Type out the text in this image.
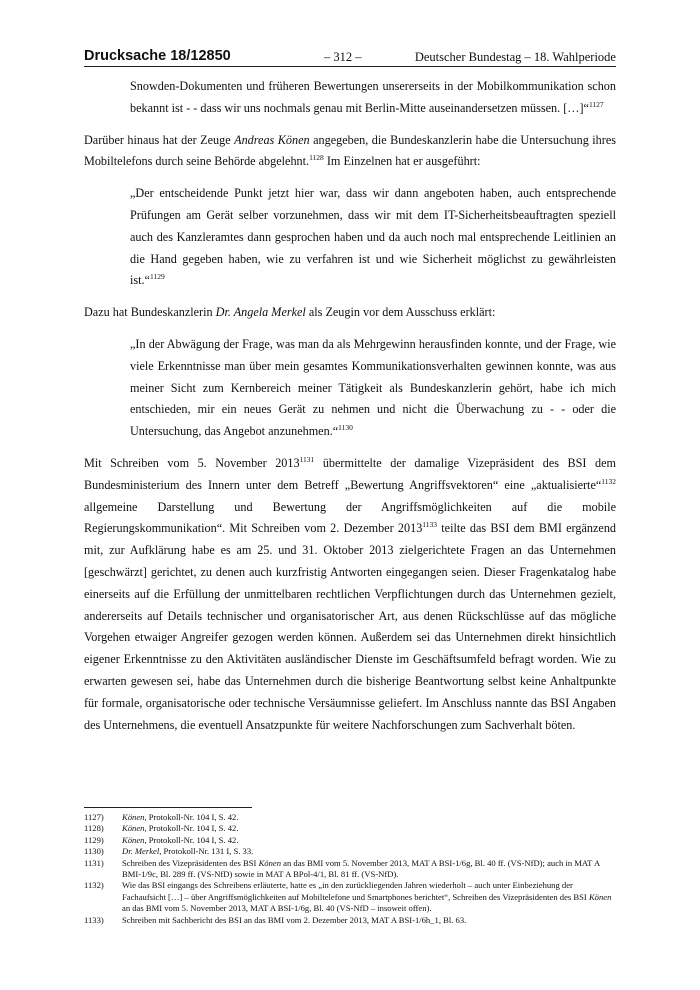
Drucksache 18/12850	– 312 –	Deutscher Bundestag – 18. Wahlperiode

Snowden-Dokumenten und früheren Bewertungen unsererseits in der Mobilkommunikation schon bekannt ist - - dass wir uns nochmals genau mit Berlin-Mitte auseinandersetzen müssen. […]“$^{1127}$

Darüber hinaus hat der Zeuge Andreas Könen angegeben, die Bundeskanzlerin habe die Untersuchung ihres Mobiltelefons durch seine Behörde abgelehnt.$^{1128}$ Im Einzelnen hat er ausgeführt:

„Der entscheidende Punkt jetzt hier war, dass wir dann angeboten haben, auch entsprechende Prüfungen am Gerät selber vorzunehmen, dass wir mit dem IT-Sicherheitsbeauftragten speziell auch des Kanzleramtes dann gesprochen haben und da auch noch mal entsprechende Leitlinien an die Hand gegeben haben, wie zu verfahren ist und wie Sicherheit möglichst zu gewährleisten ist.“$^{1129}$

Dazu hat Bundeskanzlerin Dr. Angela Merkel als Zeugin vor dem Ausschuss erklärt:

„In der Abwägung der Frage, was man da als Mehrgewinn herausfinden konnte, und der Frage, wie viele Erkenntnisse man über mein gesamtes Kommunikationsverhalten gewinnen konnte, was aus meiner Sicht zum Kernbereich meiner Tätigkeit als Bundeskanzlerin gehört, habe ich mich entschieden, mir ein neues Gerät zu nehmen und nicht die Überwachung zu - - oder die Untersuchung, das Angebot anzunehmen.“$^{1130}$

Mit Schreiben vom 5. November $2013^{1131}$ übermittelte der damalige Vizepräsident des BSI dem Bundesministerium des Innern unter dem Betreff „Bewertung Angriffsvektoren“ eine „aktualisierte“$^{1132}$ allgemeine Darstellung und Bewertung der Angriffsmöglichkeiten auf die mobile Regierungskommunikation“. Mit Schreiben vom 2. Dezember $2013^{1133}$ teilte das BSI dem BMI ergänzend mit, zur Aufklärung habe es am 25. und 31. Oktober 2013 zielgerichtete Fragen an das Unternehmen [geschwärzt] gerichtet, zu denen auch kurzfristig Antworten eingegangen seien. Dieser Fragenkatalog habe einerseits auf die Erfüllung der unmittelbaren rechtlichen Verpflichtungen durch das Unternehmen gezielt, andererseits auf Details technischer und organisatorischer Art, aus denen Rückschlüsse auf das mögliche Vorgehen etwaiger Angreifer gezogen werden können. Außerdem sei das Unternehmen direkt hinsichtlich eigener Erkenntnisse zu den Aktivitäten ausländischer Dienste im Geschäftsumfeld befragt worden. Wie zu erwarten gewesen sei, habe das Unternehmen durch die bisherige Beantwortung selbst keine Anhaltpunkte für formale, organisatorische oder technische Versäumnisse geliefert. Im Anschluss nannte das BSI Angaben des Unternehmens, die eventuell Ansatzpunkte für weitere Nachforschungen zum Sachverhalt böten.

1127)	Könen, Protokoll-Nr. 104 I, S. 42.
1128)	Könen, Protokoll-Nr. 104 I, S. 42.
1129)	Könen, Protokoll-Nr. 104 I, S. 42.
1130)	Dr. Merkel, Protokoll-Nr. 131 I, S. 33.
1131)	Schreiben des Vizepräsidenten des BSI Könen an das BMI vom 5. November 2013, MAT A BSI-1/6g, Bl. 40 ff. (VS-NfD); auch in MAT A BMI-1/9c, Bl. 289 ff. (VS-NfD) sowie in MAT A BPol-4/1, Bl. 81 ff. (VS-NfD).
1132)	Wie das BSI eingangs des Schreibens erläuterte, hatte es „in den zurückliegenden Jahren wiederholt – auch unter Einbeziehung der Fachaufsicht […] – über Angriffsmöglichkeiten auf Mobiltelefone und Smartphones berichtet“, Schreiben des Vizepräsidenten des BSI Könen an das BMI vom 5. November 2013, MAT A BSI-1/6g, Bl. 40 (VS-NfD – insoweit offen).
1133)	Schreiben mit Sachbericht des BSI an das BMI vom 2. Dezember 2013, MAT A BSI-1/6h_1, Bl. 63.
